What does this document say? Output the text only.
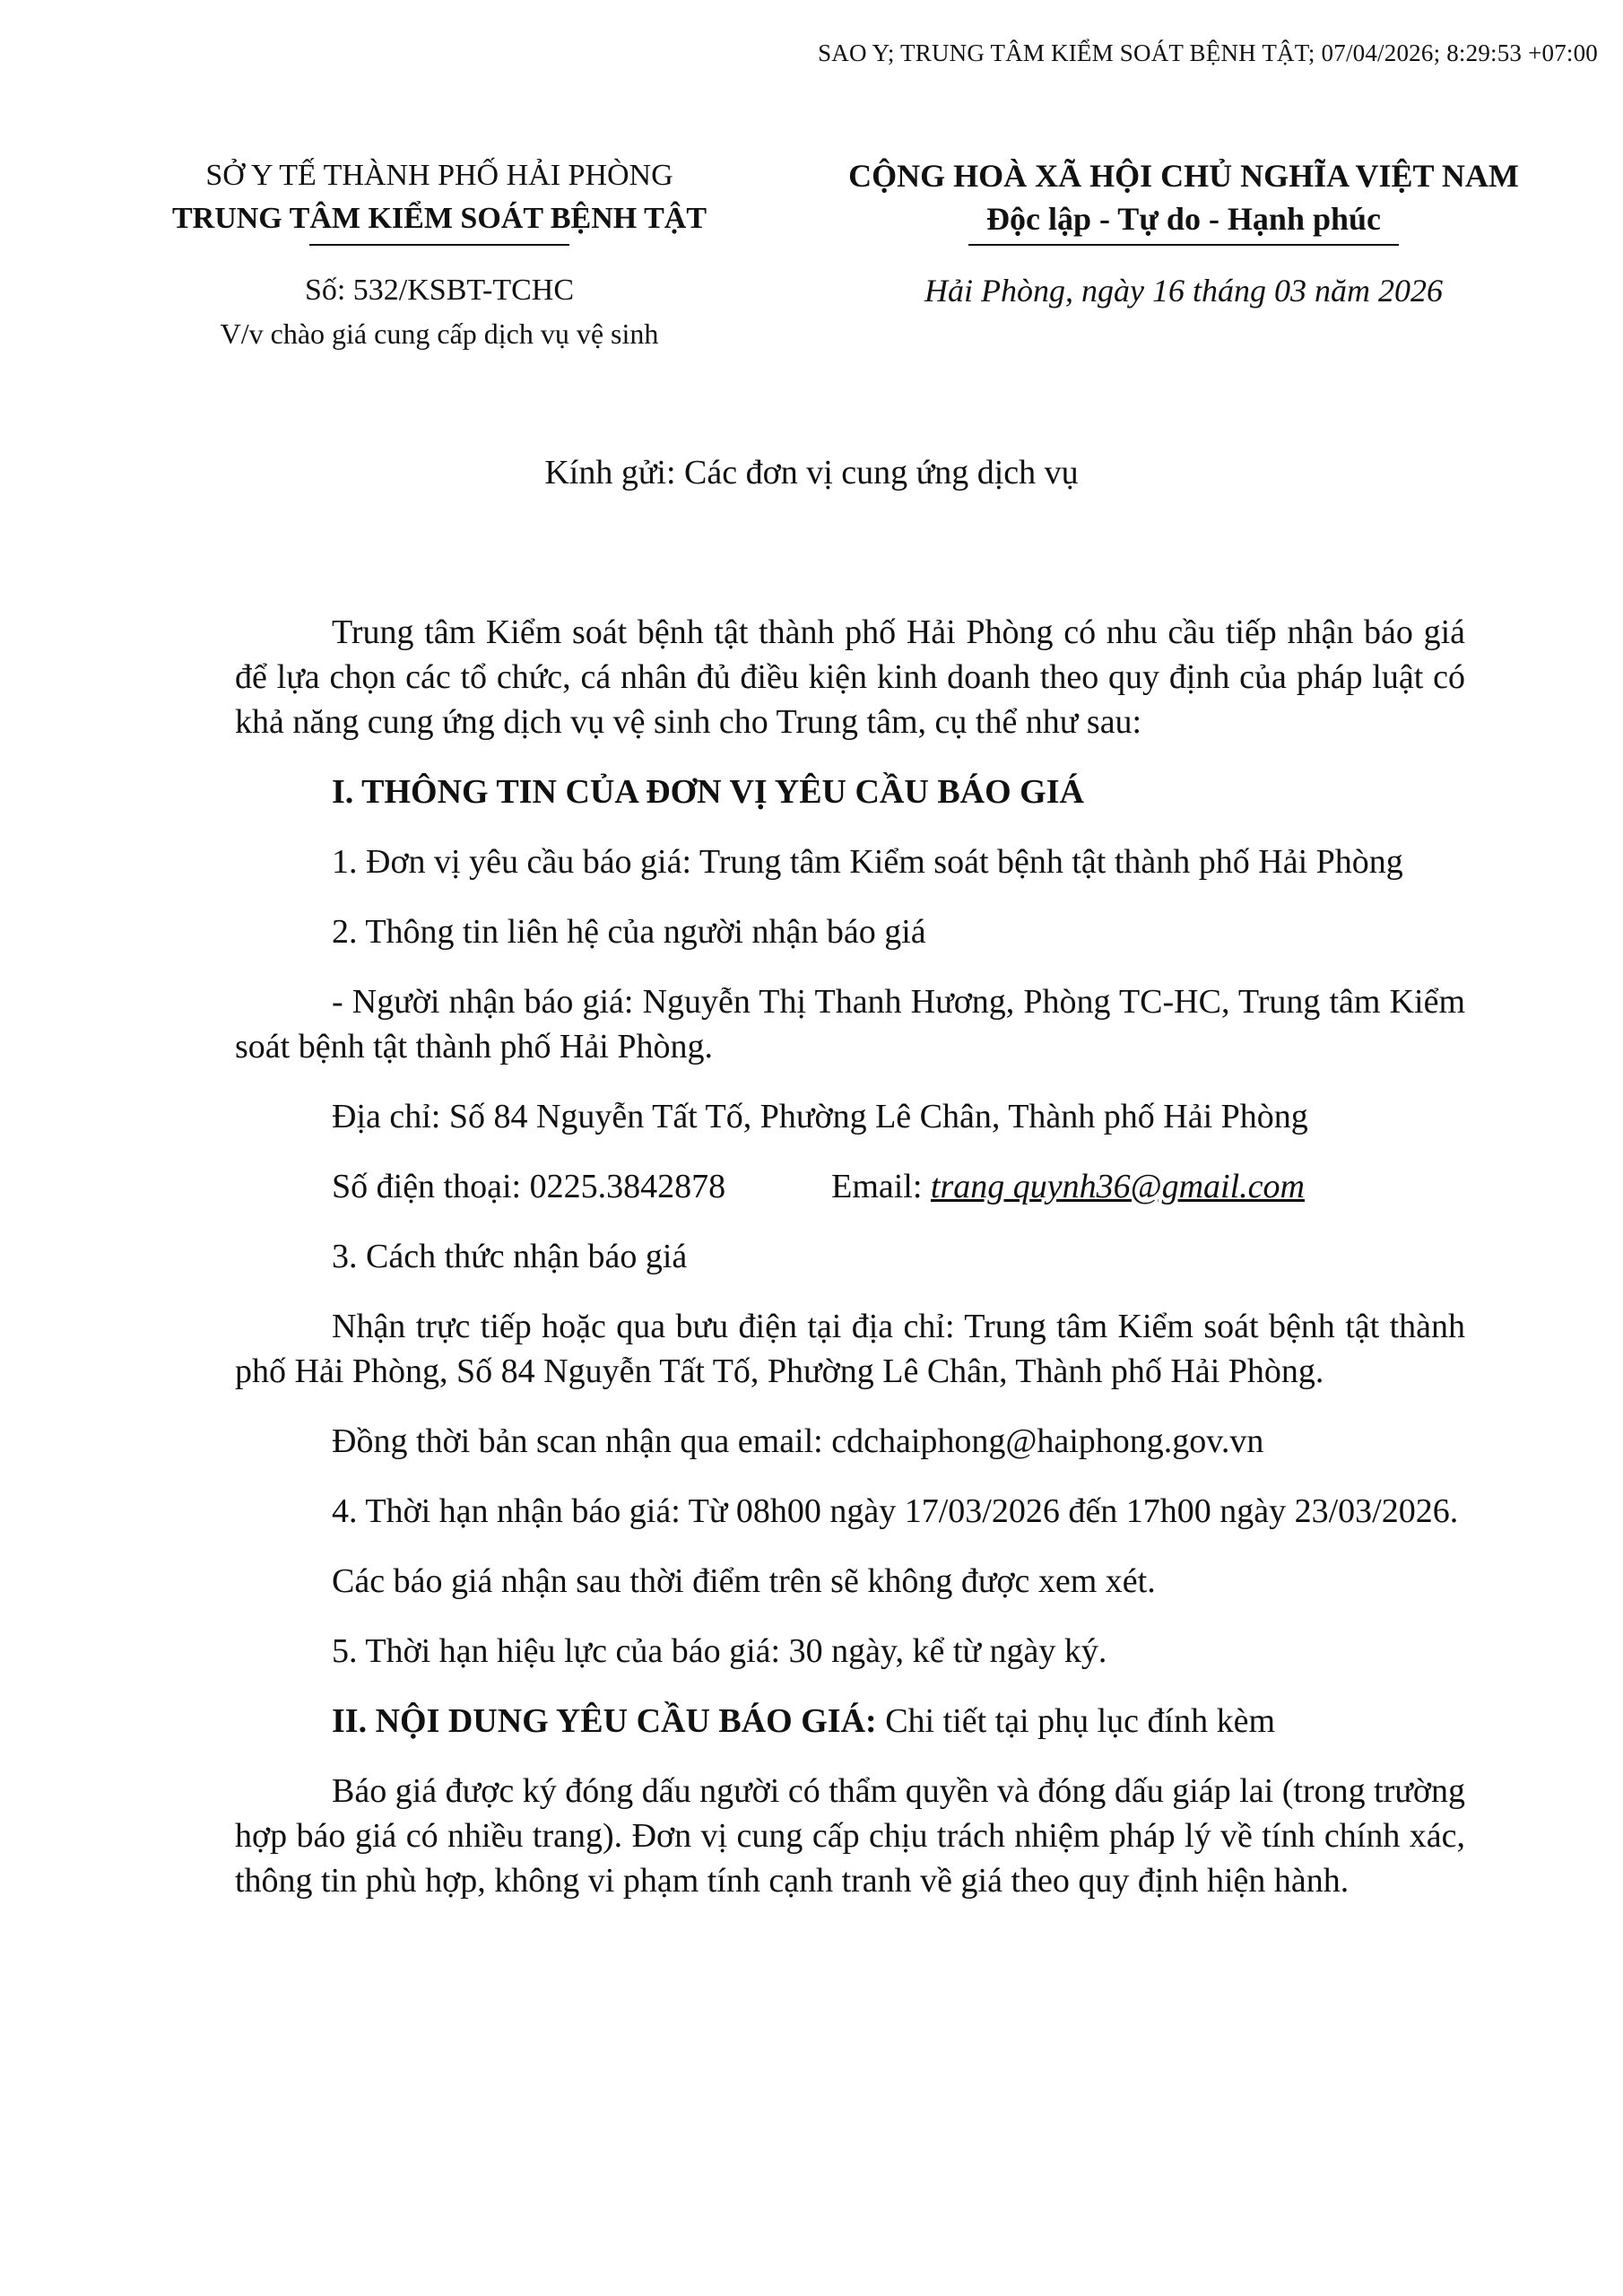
SAO Y; TRUNG TÂM KIỂM SOÁT BỆNH TẬT; 07/04/2026; 8:29:53 +07:00
SỞ Y TẾ THÀNH PHỐ HẢI PHÒNG
TRUNG TÂM KIỂM SOÁT BỆNH TẬT
CỘNG HOÀ XÃ HỘI CHỦ NGHĨA VIỆT NAM
Độc lập - Tự do - Hạnh phúc
Số: 532/KSBT-TCHC
V/v chào giá cung cấp dịch vụ vệ sinh
Hải Phòng, ngày 16 tháng 03 năm 2026
Kính gửi: Các đơn vị cung ứng dịch vụ

Trung tâm Kiểm soát bệnh tật thành phố Hải Phòng có nhu cầu tiếp nhận báo giá để lựa chọn các tổ chức, cá nhân đủ điều kiện kinh doanh theo quy định của pháp luật có khả năng cung ứng dịch vụ vệ sinh cho Trung tâm, cụ thể như sau:

I. THÔNG TIN CỦA ĐƠN VỊ YÊU CẦU BÁO GIÁ

1. Đơn vị yêu cầu báo giá: Trung tâm Kiểm soát bệnh tật thành phố Hải Phòng

2. Thông tin liên hệ của người nhận báo giá

- Người nhận báo giá: Nguyễn Thị Thanh Hương, Phòng TC-HC, Trung tâm Kiểm soát bệnh tật thành phố Hải Phòng.

Địa chỉ: Số 84 Nguyễn Tất Tố, Phường Lê Chân, Thành phố Hải Phòng

Số điện thoại: 0225.3842878	Email: trang quynh36@gmail.com

3. Cách thức nhận báo giá

Nhận trực tiếp hoặc qua bưu điện tại địa chỉ: Trung tâm Kiểm soát bệnh tật thành phố Hải Phòng, Số 84 Nguyễn Tất Tố, Phường Lê Chân, Thành phố Hải Phòng.

Đồng thời bản scan nhận qua email: cdchaiphong@haiphong.gov.vn

4. Thời hạn nhận báo giá: Từ 08h00 ngày 17/03/2026 đến 17h00 ngày 23/03/2026.

Các báo giá nhận sau thời điểm trên sẽ không được xem xét.

5. Thời hạn hiệu lực của báo giá: 30 ngày, kể từ ngày ký.

II. NỘI DUNG YÊU CẦU BÁO GIÁ: Chi tiết tại phụ lục đính kèm

Báo giá được ký đóng dấu người có thẩm quyền và đóng dấu giáp lai (trong trường hợp báo giá có nhiều trang). Đơn vị cung cấp chịu trách nhiệm pháp lý về tính chính xác, thông tin phù hợp, không vi phạm tính cạnh tranh về giá theo quy định hiện hành.
